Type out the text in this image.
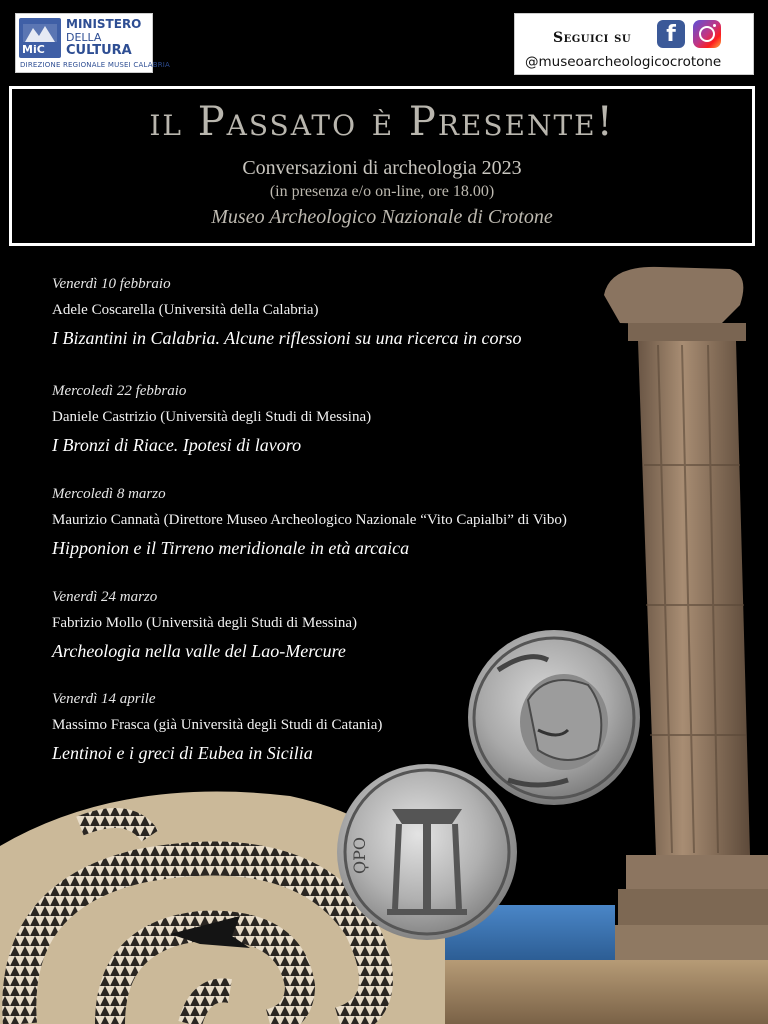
MiC
MINISTERO
DELLA
CULTURA
DIREZIONE REGIONALE MUSEI CALABRIA
Seguici su	f
@museoarcheologicocrotone
il Passato è Presente!
Conversazioni di archeologia 2023
(in presenza e/o on-line, ore 18.00)
Museo Archeologico Nazionale di Crotone
ϘΡΟ
Venerdì 10 febbraio
Adele Coscarella (Università della Calabria)
I Bizantini in Calabria. Alcune riflessioni su una ricerca in corso
Mercoledì 22 febbraio
Daniele Castrizio (Università degli Studi di Messina)
I Bronzi di Riace. Ipotesi di lavoro
Mercoledì 8 marzo
Maurizio Cannatà (Direttore Museo Archeologico Nazionale “Vito Capialbi” di Vibo)
Hipponion e il Tirreno meridionale in età arcaica
Venerdì 24 marzo
Fabrizio Mollo (Università degli Studi di Messina)
Archeologia nella valle del Lao-Mercure
Venerdì 14 aprile
Massimo Frasca (già Università degli Studi di Catania)
Lentinoi e i greci di Eubea in Sicilia
